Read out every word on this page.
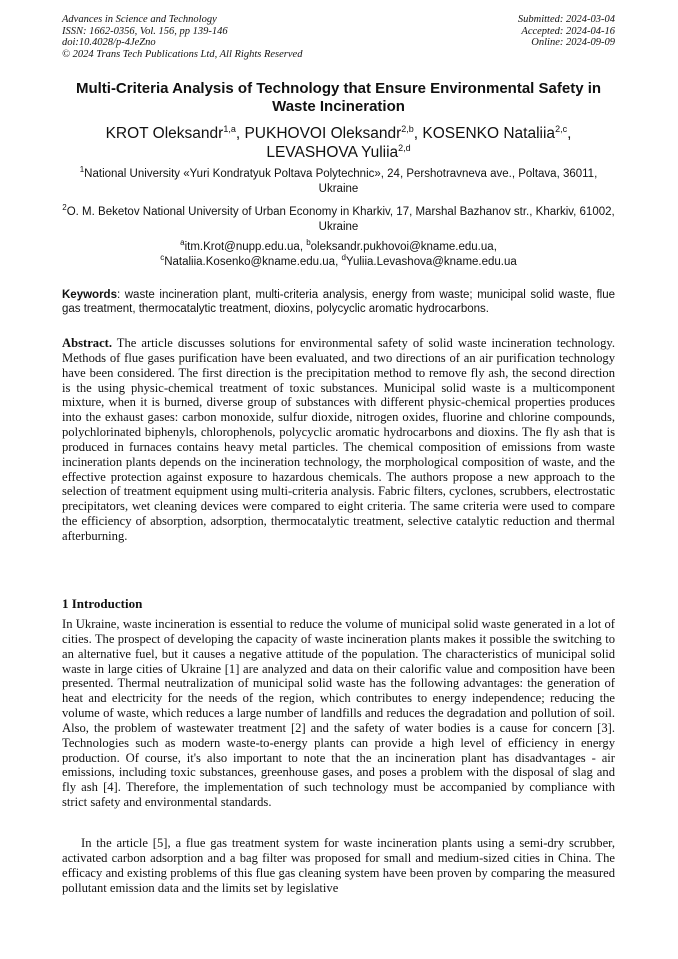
Advances in Science and Technology
ISSN: 1662-0356, Vol. 156, pp 139-146
doi:10.4028/p-4JeZno
© 2024 Trans Tech Publications Ltd, All Rights Reserved
Submitted: 2024-03-04
Accepted: 2024-04-16
Online: 2024-09-09
Multi-Criteria Analysis of Technology that Ensure Environmental Safety in Waste Incineration
KROT Oleksandr$^{1,a}$, PUKHOVOI Oleksandr$^{2,b}$, KOSENKO Nataliia$^{2,c}$,
LEVASHOVA Yuliia$^{2,d}$
$^1$National University «Yuri Kondratyuk Poltava Polytechnic», 24, Pershotravneva ave., Poltava, 36011, Ukraine
$^2$O. M. Beketov National University of Urban Economy in Kharkiv, 17, Marshal Bazhanov str., Kharkiv, 61002, Ukraine
$^a$itm.Krot@nupp.edu.ua, $^b$oleksandr.pukhovoi@kname.edu.ua,
$^c$Nataliia.Kosenko@kname.edu.ua, $^d$Yuliia.Levashova@kname.edu.ua
Keywords: waste incineration plant, multi-criteria analysis, energy from waste; municipal solid waste, flue gas treatment, thermocatalytic treatment, dioxins, polycyclic aromatic hydrocarbons.
Abstract. The article discusses solutions for environmental safety of solid waste incineration technology. Methods of flue gases purification have been evaluated, and two directions of an air purification technology have been considered. The first direction is the precipitation method to remove fly ash, the second direction is the using physic-chemical treatment of toxic substances. Municipal solid waste is a multicomponent mixture, when it is burned, diverse group of substances with different physic-chemical properties produces into the exhaust gases: carbon monoxide, sulfur dioxide, nitrogen oxides, fluorine and chlorine compounds, polychlorinated biphenyls, chlorophenols, polycyclic aromatic hydrocarbons and dioxins. The fly ash that is produced in furnaces contains heavy metal particles. The chemical composition of emissions from waste incineration plants depends on the incineration technology, the morphological composition of waste, and the effective protection against exposure to hazardous chemicals. The authors propose a new approach to the selection of treatment equipment using multi-criteria analysis. Fabric filters, cyclones, scrubbers, electrostatic precipitators, wet cleaning devices were compared to eight criteria. The same criteria were used to compare the efficiency of absorption, adsorption, thermocatalytic treatment, selective catalytic reduction and thermal afterburning.
1 Introduction
In Ukraine, waste incineration is essential to reduce the volume of municipal solid waste generated in a lot of cities. The prospect of developing the capacity of waste incineration plants makes it possible the switching to an alternative fuel, but it causes a negative attitude of the population. The characteristics of municipal solid waste in large cities of Ukraine [1] are analyzed and data on their calorific value and composition have been presented. Thermal neutralization of municipal solid waste has the following advantages: the generation of heat and electricity for the needs of the region, which contributes to energy independence; reducing the volume of waste, which reduces a large number of landfills and reduces the degradation and pollution of soil. Also, the problem of wastewater treatment [2] and the safety of water bodies is a cause for concern [3]. Technologies such as modern waste-to-energy plants can provide a high level of efficiency in energy production. Of course, it's also important to note that the an incineration plant has disadvantages - air emissions, including toxic substances, greenhouse gases, and poses a problem with the disposal of slag and fly ash [4]. Therefore, the implementation of such technology must be accompanied by compliance with strict safety and environmental standards.
In the article [5], a flue gas treatment system for waste incineration plants using a semi-dry scrubber, activated carbon adsorption and a bag filter was proposed for small and medium-sized cities in China. The efficacy and existing problems of this flue gas cleaning system have been proven by comparing the measured pollutant emission data and the limits set by legislative
